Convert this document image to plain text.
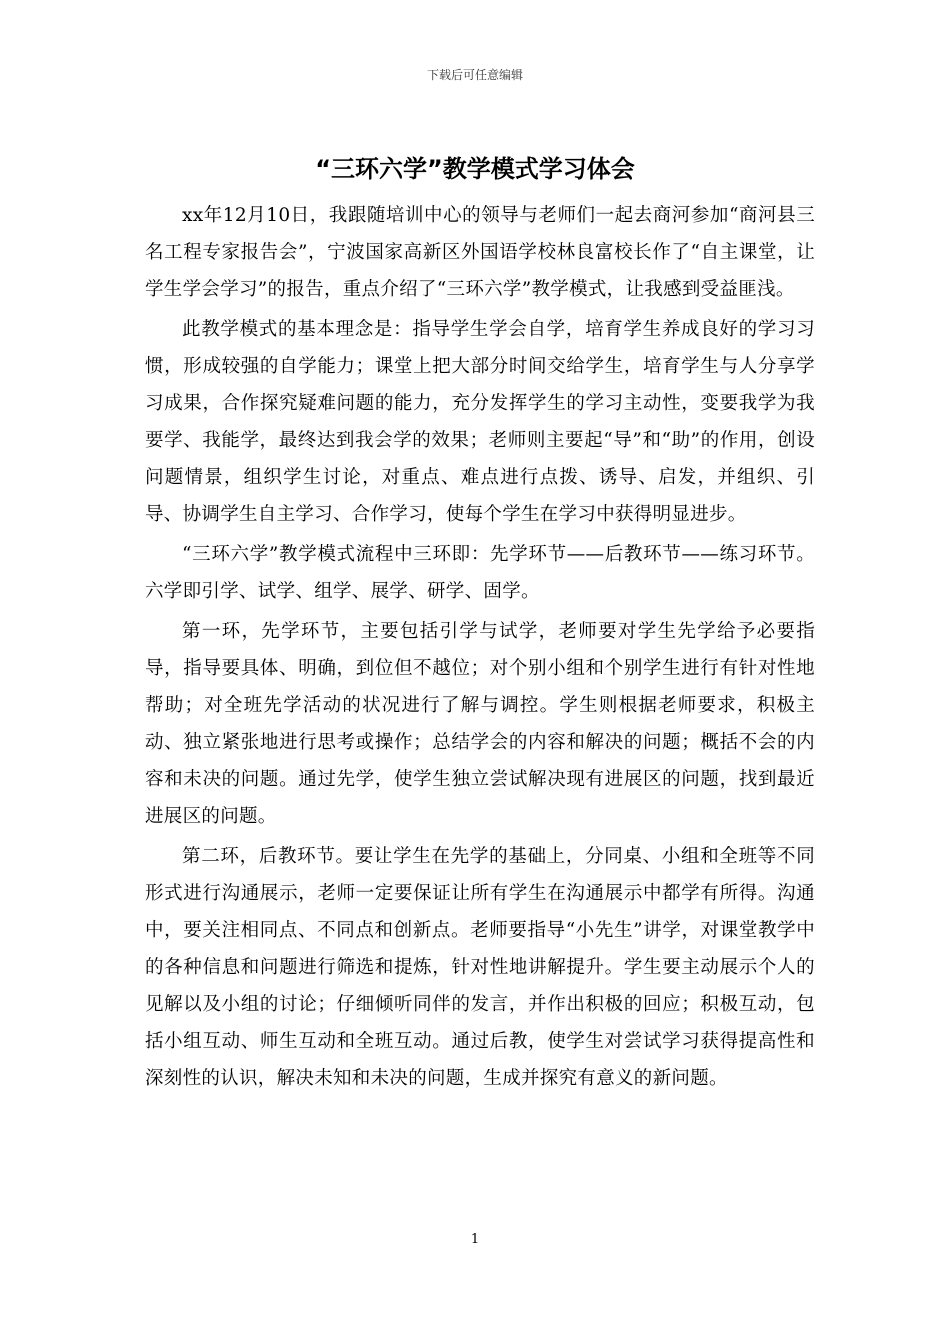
下载后可任意编辑
“三环六学”教学模式学习体会

xx年12月10日，我跟随培训中心的领导与老师们一起去商河参加“商河县三名工程专家报告会”，宁波国家高新区外国语学校林良富校长作了“自主课堂，让学生学会学习”的报告，重点介绍了“三环六学”教学模式，让我感到受益匪浅。

此教学模式的基本理念是：指导学生学会自学，培育学生养成良好的学习习惯，形成较强的自学能力；课堂上把大部分时间交给学生，培育学生与人分享学习成果，合作探究疑难问题的能力，充分发挥学生的学习主动性，变要我学为我要学、我能学，最终达到我会学的效果；老师则主要起“导”和“助”的作用，创设问题情景，组织学生讨论，对重点、难点进行点拨、诱导、启发，并组织、引导、协调学生自主学习、合作学习，使每个学生在学习中获得明显进步。

“三环六学”教学模式流程中三环即：先学环节——后教环节——练习环节。六学即引学、试学、组学、展学、研学、固学。

第一环，先学环节，主要包括引学与试学，老师要对学生先学给予必要指导，指导要具体、明确，到位但不越位；对个别小组和个别学生进行有针对性地帮助；对全班先学活动的状况进行了解与调控。学生则根据老师要求，积极主动、独立紧张地进行思考或操作；总结学会的内容和解决的问题；概括不会的内容和未决的问题。通过先学，使学生独立尝试解决现有进展区的问题，找到最近进展区的问题。

第二环，后教环节。要让学生在先学的基础上，分同桌、小组和全班等不同形式进行沟通展示，老师一定要保证让所有学生在沟通展示中都学有所得。沟通中，要关注相同点、不同点和创新点。老师要指导“小先生”讲学，对课堂教学中的各种信息和问题进行筛选和提炼，针对性地讲解提升。学生要主动展示个人的见解以及小组的讨论；仔细倾听同伴的发言，并作出积极的回应；积极互动，包括小组互动、师生互动和全班互动。通过后教，使学生对尝试学习获得提高性和深刻性的认识，解决未知和未决的问题，生成并探究有意义的新问题。

1
